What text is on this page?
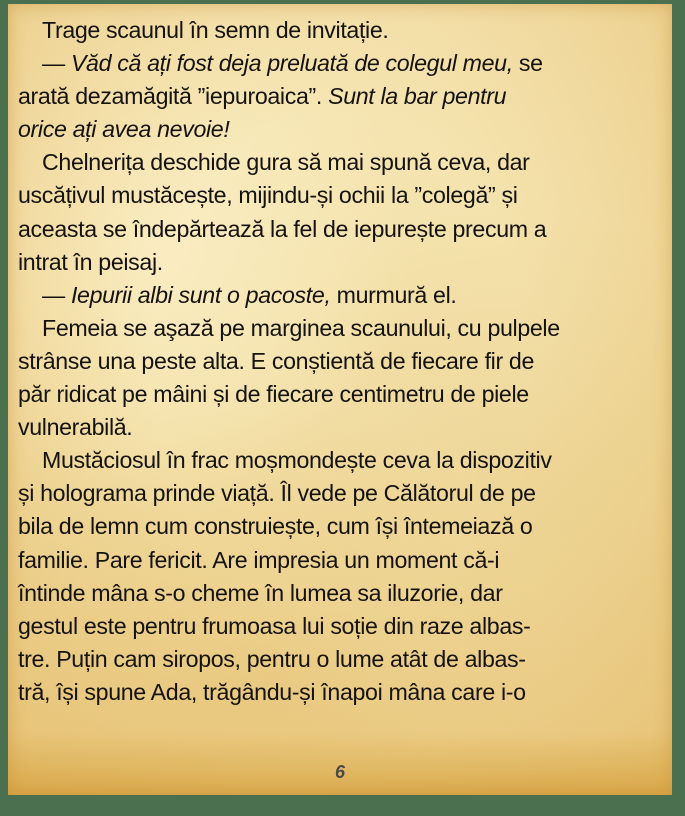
Trage scaunul în semn de invitație.
— Văd că ați fost deja preluată de colegul meu, se
arată dezamăgită ”iepuroaica”. Sunt la bar pentru
orice ați avea nevoie!
Chelnerița deschide gura să mai spună ceva, dar
uscățivul mustăcește, mijindu-și ochii la ”colegă” și
aceasta se îndepărtează la fel de iepurește precum a
intrat în peisaj.
— Iepurii albi sunt o pacoste, murmură el.
Femeia se aşază pe marginea scaunului, cu pulpele
strânse una peste alta. E conștientă de fiecare fir de
păr ridicat pe mâini și de fiecare centimetru de piele
vulnerabilă.
Mustăciosul în frac moșmondește ceva la dispozitiv
și holograma prinde viață. Îl vede pe Călătorul de pe
bila de lemn cum construiește, cum își întemeiază o
familie. Pare fericit. Are impresia un moment că-i
întinde mâna s-o cheme în lumea sa iluzorie, dar
gestul este pentru frumoasa lui soție din raze albas-
tre. Puțin cam siropos, pentru o lume atât de albas-
tră, își spune Ada, trăgându-și înapoi mâna care i-o
6
